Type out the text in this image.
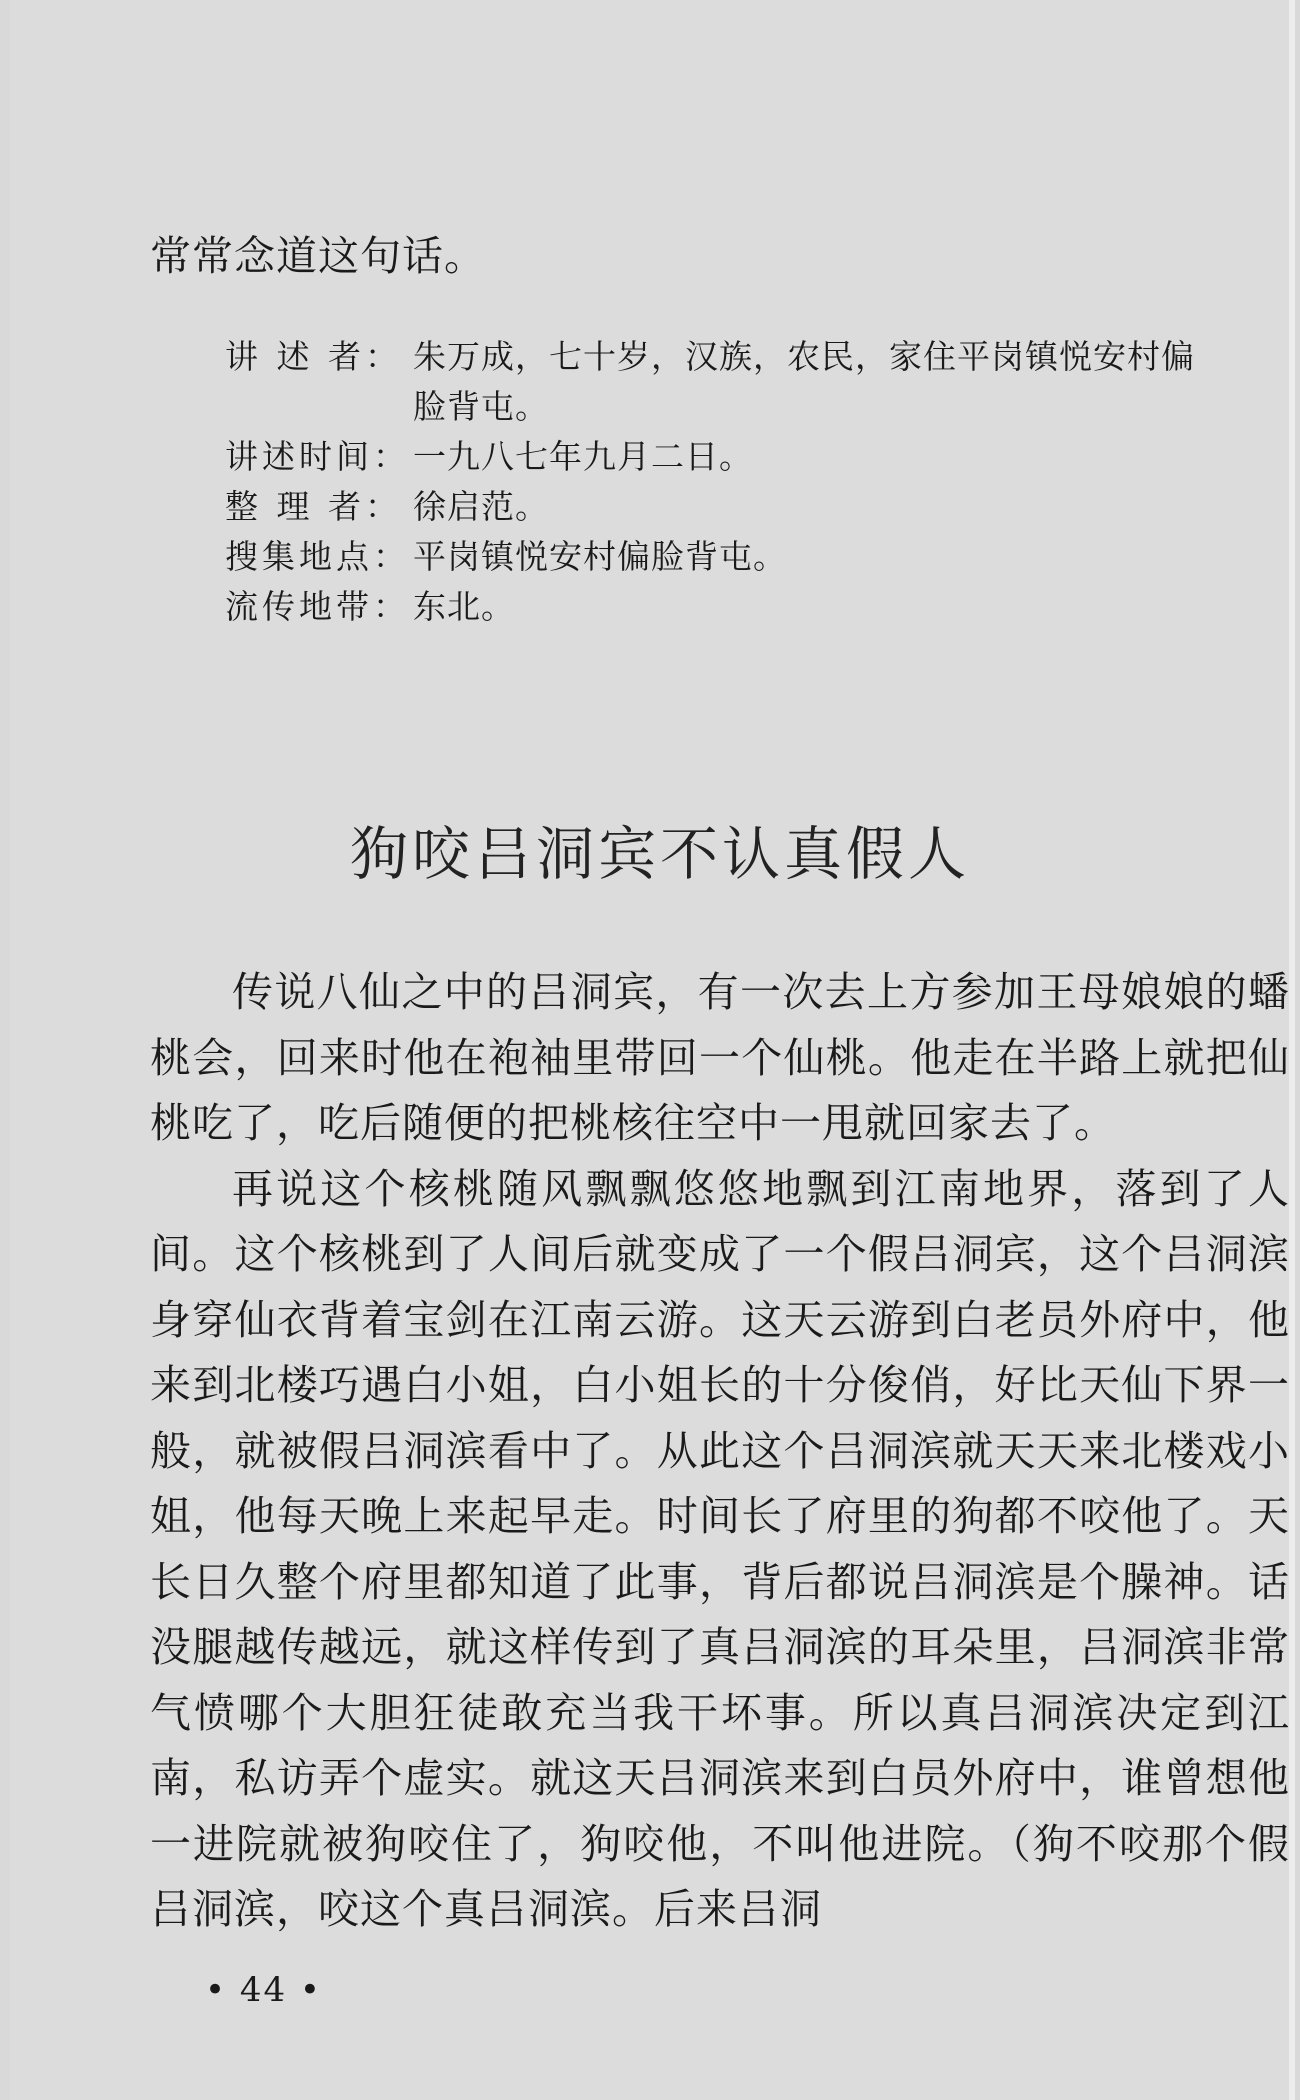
常常念道这句话。
讲 述 者： 朱万成，七十岁，汉族，农民，家住平岗镇悦安村偏
脸背屯。
讲述时间： 一九八七年九月二日。
整 理 者： 徐启范。
搜集地点： 平岗镇悦安村偏脸背屯。
流传地带： 东北。
狗咬吕洞宾不认真假人

传说八仙之中的吕洞宾，有一次去上方参加王母娘娘的蟠桃会，回来时他在袍袖里带回一个仙桃。他走在半路上就把仙桃吃了，吃后随便的把桃核往空中一甩就回家去了。

再说这个核桃随风飘飘悠悠地飘到江南地界，落到了人间。这个核桃到了人间后就变成了一个假吕洞宾，这个吕洞滨身穿仙衣背着宝剑在江南云游。这天云游到白老员外府中，他来到北楼巧遇白小姐，白小姐长的十分俊俏，好比天仙下界一般，就被假吕洞滨看中了。从此这个吕洞滨就天天来北楼戏小姐，他每天晚上来起早走。时间长了府里的狗都不咬他了。天长日久整个府里都知道了此事，背后都说吕洞滨是个臊神。话没腿越传越远，就这样传到了真吕洞滨的耳朵里，吕洞滨非常气愤哪个大胆狂徒敢充当我干坏事。所以真吕洞滨决定到江南，私访弄个虚实。就这天吕洞滨来到白员外府中，谁曾想他一进院就被狗咬住了，狗咬他，不叫他进院。（狗不咬那个假吕洞滨，咬这个真吕洞滨。后来吕洞

• 44 •
